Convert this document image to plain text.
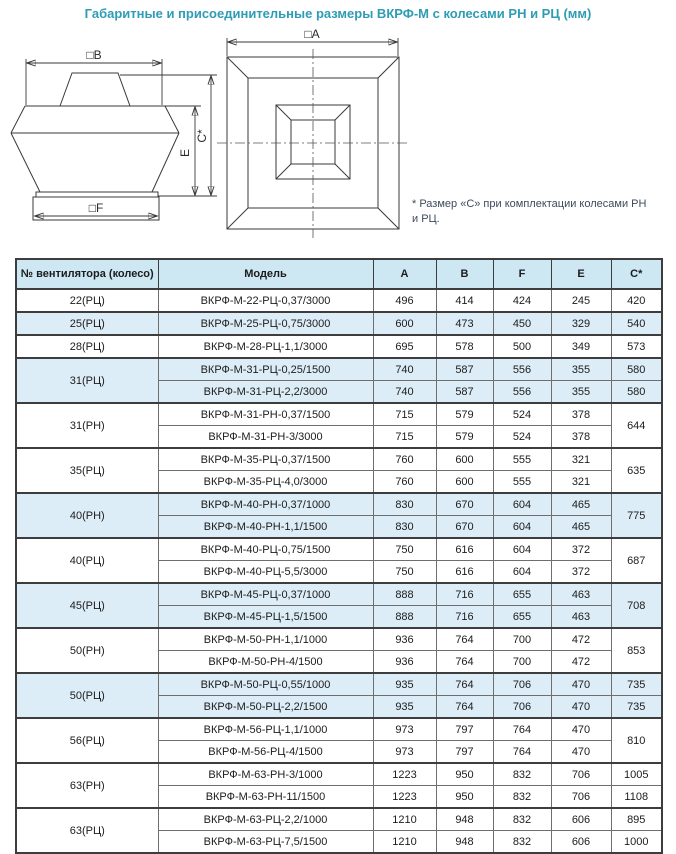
Габаритные и присоединительные размеры ВКРФ-М с колесами РН и РЦ (мм)
□B
□F
E
C*
□A
* Размер «С» при комплектации колесами РН и РЦ.
№ вентилятора (колесо)	Модель	A	B	F	E	C*
22(РЦ)	ВКРФ-М-22-РЦ-0,37/3000	496	414	424	245	420
25(РЦ)	ВКРФ-М-25-РЦ-0,75/3000	600	473	450	329	540
28(РЦ)	ВКРФ-М-28-РЦ-1,1/3000	695	578	500	349	573
31(РЦ)	ВКРФ-М-31-РЦ-0,25/1500	740	587	556	355	580
	ВКРФ-М-31-РЦ-2,2/3000	740	587	556	355	580
31(РН)	ВКРФ-М-31-РН-0,37/1500	715	579	524	378	644
	ВКРФ-М-31-РН-3/3000	715	579	524	378	
35(РЦ)	ВКРФ-М-35-РЦ-0,37/1500	760	600	555	321	635
	ВКРФ-М-35-РЦ-4,0/3000	760	600	555	321	
40(РН)	ВКРФ-М-40-РН-0,37/1000	830	670	604	465	775
	ВКРФ-М-40-РН-1,1/1500	830	670	604	465	
40(РЦ)	ВКРФ-М-40-РЦ-0,75/1500	750	616	604	372	687
	ВКРФ-М-40-РЦ-5,5/3000	750	616	604	372	
45(РЦ)	ВКРФ-М-45-РЦ-0,37/1000	888	716	655	463	708
	ВКРФ-М-45-РЦ-1,5/1500	888	716	655	463	
50(РН)	ВКРФ-М-50-РН-1,1/1000	936	764	700	472	853
	ВКРФ-М-50-РН-4/1500	936	764	700	472	
50(РЦ)	ВКРФ-М-50-РЦ-0,55/1000	935	764	706	470	735
	ВКРФ-М-50-РЦ-2,2/1500	935	764	706	470	735
56(РЦ)	ВКРФ-М-56-РЦ-1,1/1000	973	797	764	470	810
	ВКРФ-М-56-РЦ-4/1500	973	797	764	470	
63(РН)	ВКРФ-М-63-РН-3/1000	1223	950	832	706	1005
	ВКРФ-М-63-РН-11/1500	1223	950	832	706	1108
63(РЦ)	ВКРФ-М-63-РЦ-2,2/1000	1210	948	832	606	895
	ВКРФ-М-63-РЦ-7,5/1500	1210	948	832	606	1000
